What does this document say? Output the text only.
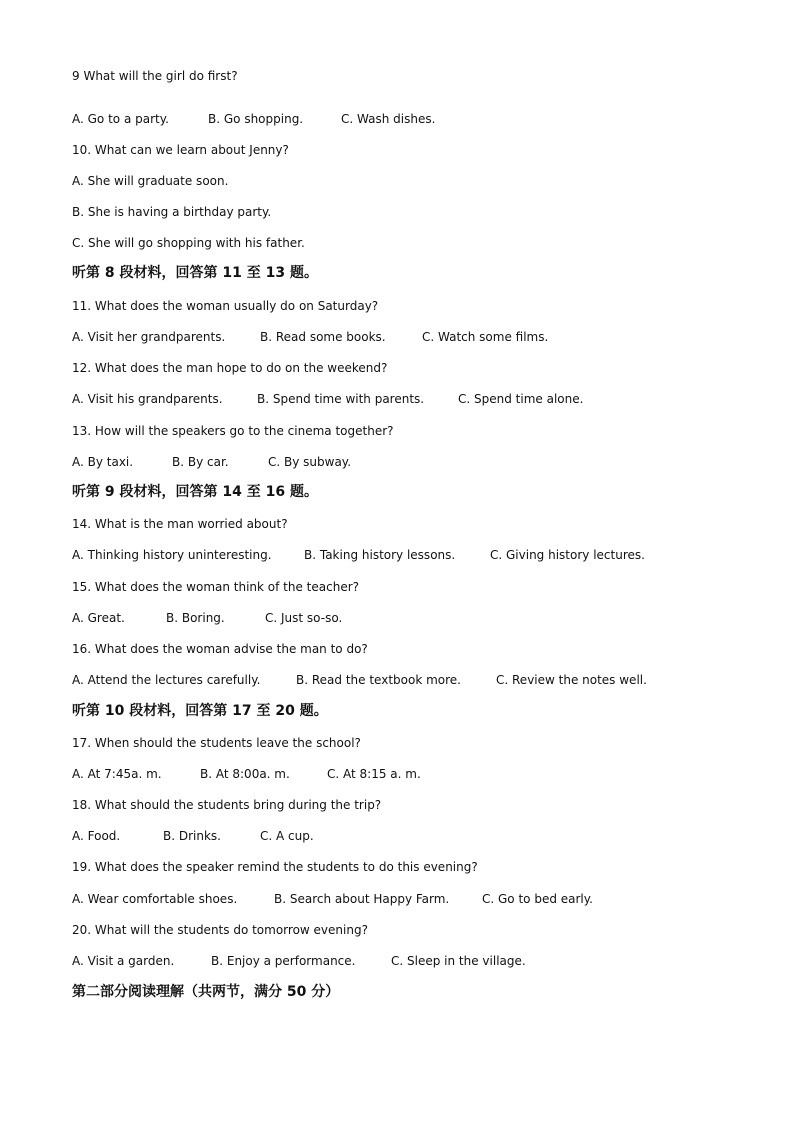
9 What will the girl do first?
A. Go to a party.	B. Go shopping.	C. Wash dishes.
10. What can we learn about Jenny?
A. She will graduate soon.
B. She is having a birthday party.
C. She will go shopping with his father.
听第 8 段材料，回答第 11 至 13 题。
11. What does the woman usually do on Saturday?
A. Visit her grandparents.	B. Read some books.	C. Watch some films.
12. What does the man hope to do on the weekend?
A. Visit his grandparents.	B. Spend time with parents.	C. Spend time alone.
13. How will the speakers go to the cinema together?
A. By taxi.	B. By car.	C. By subway.
听第 9 段材料，回答第 14 至 16 题。
14. What is the man worried about?
A. Thinking history uninteresting.	B. Taking history lessons.	C. Giving history lectures.
15. What does the woman think of the teacher?
A. Great.	B. Boring.	C. Just so-so.
16. What does the woman advise the man to do?
A. Attend the lectures carefully.	B. Read the textbook more.	C. Review the notes well.
听第 10 段材料，回答第 17 至 20 题。
17. When should the students leave the school?
A. At 7:45a. m.	B. At 8:00a. m.	C. At 8:15 a. m.
18. What should the students bring during the trip?
A. Food.	B. Drinks.	C. A cup.
19. What does the speaker remind the students to do this evening?
A. Wear comfortable shoes.	B. Search about Happy Farm.	C. Go to bed early.
20. What will the students do tomorrow evening?
A. Visit a garden.	B. Enjoy a performance.	C. Sleep in the village.
第二部分阅读理解（共两节，满分 50 分）
